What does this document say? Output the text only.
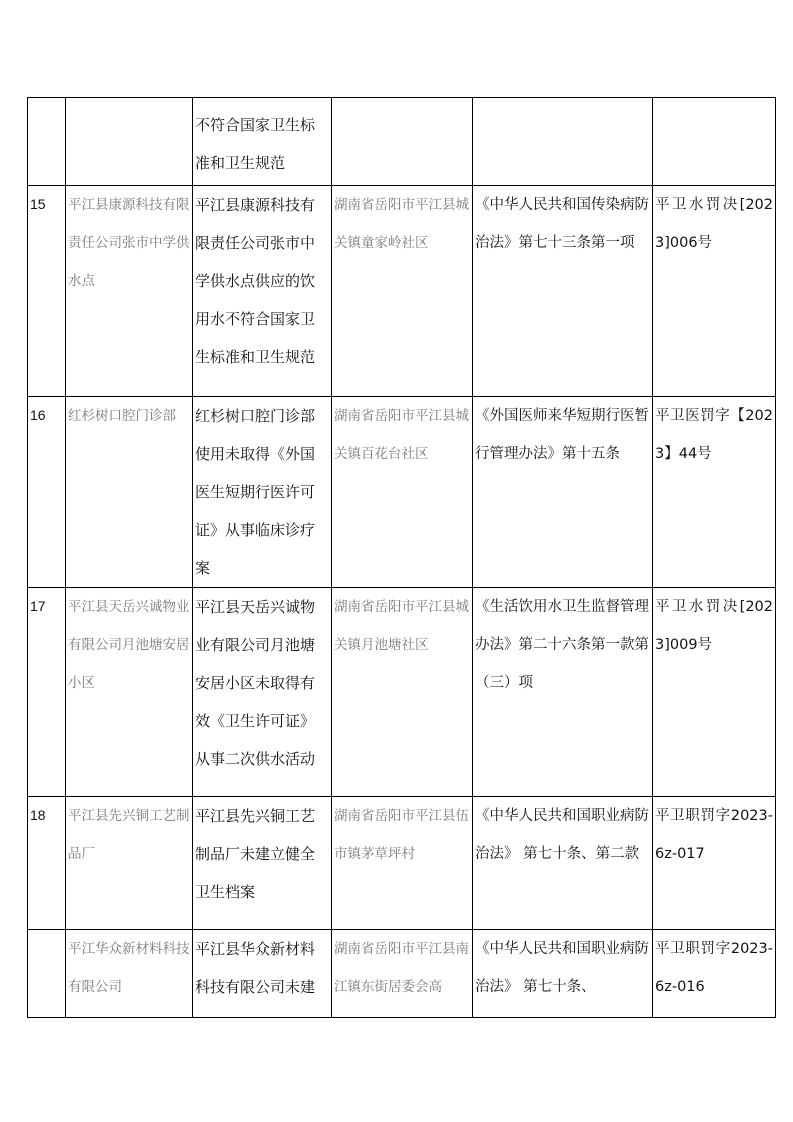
		不符合国家卫生标准和卫生规范			
15	平江县康源科技有限责任公司张市中学供水点	平江县康源科技有限责任公司张市中学供水点供应的饮用水不符合国家卫生标准和卫生规范	湖南省岳阳市平江县城关镇童家岭社区	《中华人民共和国传染病防治法》第七十三条第一项	平卫水罚决[2023]006号
16	红杉树口腔门诊部	红杉树口腔门诊部使用未取得《外国医生短期行医许可证》从事临床诊疗案	湖南省岳阳市平江县城关镇百花台社区	《外国医师来华短期行医暂行管理办法》第十五条	平卫医罚字【2023】44号
17	平江县天岳兴诚物业有限公司月池塘安居小区	平江县天岳兴诚物业有限公司月池塘安居小区未取得有效《卫生许可证》从事二次供水活动	湖南省岳阳市平江县城关镇月池塘社区	《生活饮用水卫生监督管理办法》第二十六条第一款第（三）项	平卫水罚决[2023]009号
18	平江县先兴铜工艺制品厂	平江县先兴铜工艺制品厂未建立健全卫生档案	湖南省岳阳市平江县伍市镇茅草坪村	《中华人民共和国职业病防治法》 第七十条、第二款	平卫职罚字2023-6z-017
	平江华众新材料科技有限公司	平江县华众新材料科技有限公司未建	湖南省岳阳市平江县南江镇东街居委会高	《中华人民共和国职业病防治法》 第七十条、	平卫职罚字2023-6z-016
